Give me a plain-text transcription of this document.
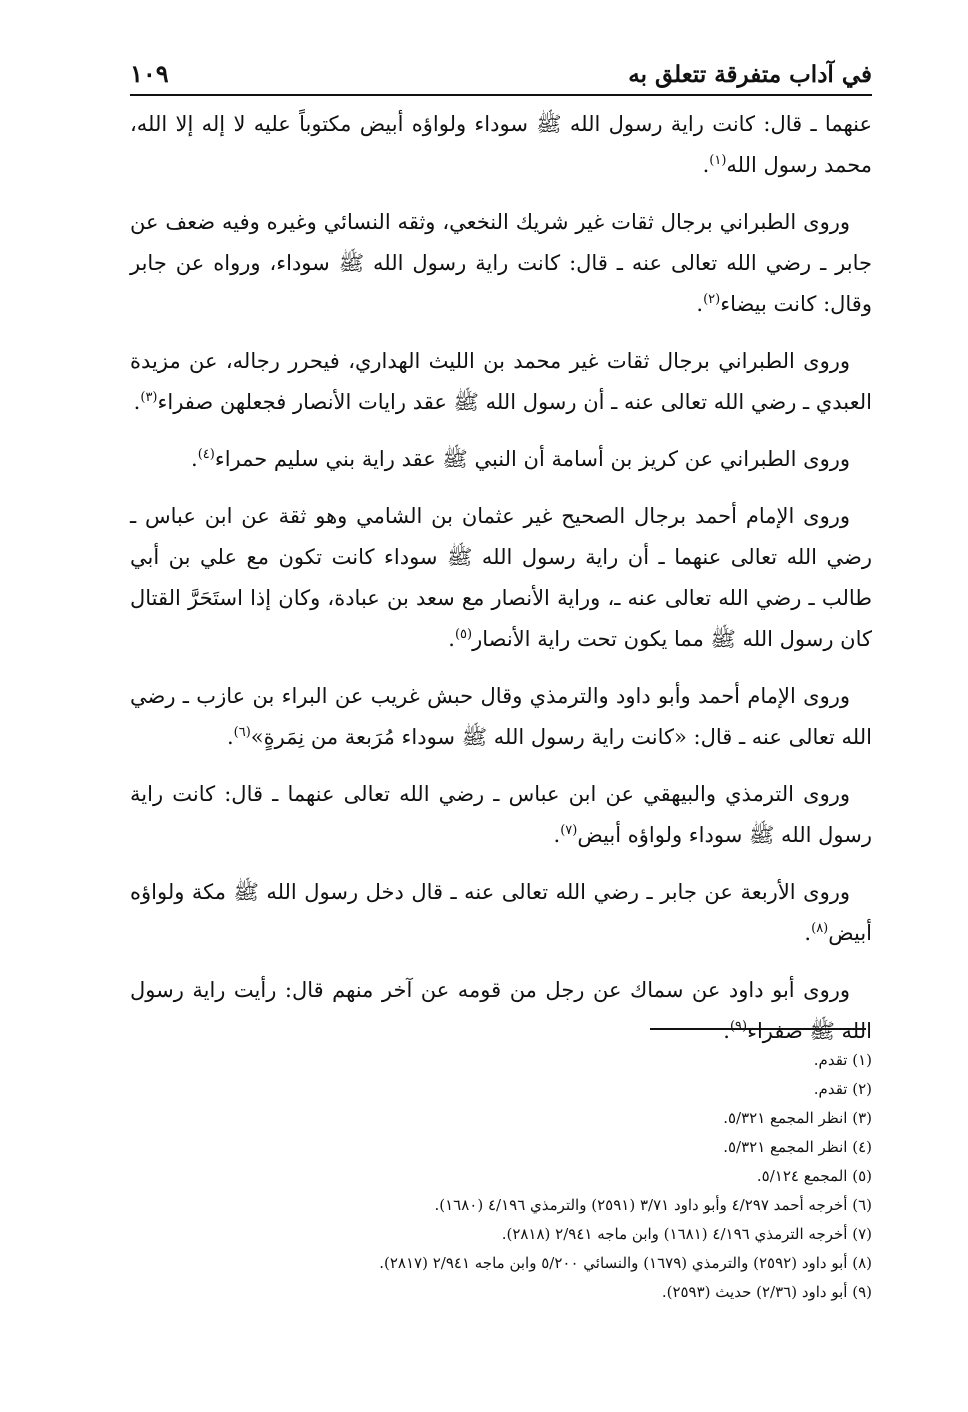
في آداب متفرقة تتعلق به
١٠٩

عنهما ـ قال: كانت راية رسول الله ﷺ سوداء ولواؤه أبيض مكتوباً عليه لا إله إلا الله، محمد رسول الله$^{(١)}$.

وروى الطبراني برجال ثقات غير شريك النخعي، وثقه النسائي وغيره وفيه ضعف عن جابر ـ رضي الله تعالى عنه ـ قال: كانت راية رسول الله ﷺ سوداء، ورواه عن جابر وقال: كانت بيضاء$^{(٢)}$.

وروى الطبراني برجال ثقات غير محمد بن الليث الهداري، فيحرر رجاله، عن مزيدة العبدي ـ رضي الله تعالى عنه ـ أن رسول الله ﷺ عقد رايات الأنصار فجعلهن صفراء$^{(٣)}$.

وروى الطبراني عن كريز بن أسامة أن النبي ﷺ عقد راية بني سليم حمراء$^{(٤)}$.

وروى الإمام أحمد برجال الصحيح غير عثمان بن الشامي وهو ثقة عن ابن عباس ـ رضي الله تعالى عنهما ـ أن راية رسول الله ﷺ سوداء كانت تكون مع علي بن أبي طالب ـ رضي الله تعالى عنه ـ، وراية الأنصار مع سعد بن عبادة، وكان إذا استَحَرَّ القتال كان رسول الله ﷺ مما يكون تحت راية الأنصار$^{(٥)}$.

وروى الإمام أحمد وأبو داود والترمذي وقال حبش غريب عن البراء بن عازب ـ رضي الله تعالى عنه ـ قال: «كانت راية رسول الله ﷺ سوداء مُرَبعة من نِمَرةٍ»$^{(٦)}$.

وروى الترمذي والبيهقي عن ابن عباس ـ رضي الله تعالى عنهما ـ قال: كانت راية رسول الله ﷺ سوداء ولواؤه أبيض$^{(٧)}$.

وروى الأربعة عن جابر ـ رضي الله تعالى عنه ـ قال دخل رسول الله ﷺ مكة ولواؤه أبيض$^{(٨)}$.

وروى أبو داود عن سماك عن رجل من قومه عن آخر منهم قال: رأيت راية رسول الله ﷺ صفراء$^{(٩)}$.

(١) تقدم.
(٢) تقدم.
(٣) انظر المجمع ٥/٣٢١.
(٤) انظر المجمع ٥/٣٢١.
(٥) المجمع ٥/١٢٤.
(٦) أخرجه أحمد ٤/٢٩٧ وأبو داود ٣/٧١ (٢٥٩١) والترمذي ٤/١٩٦ (١٦٨٠).
(٧) أخرجه الترمذي ٤/١٩٦ (١٦٨١) وابن ماجه ٢/٩٤١ (٢٨١٨).
(٨) أبو داود (٢٥٩٢) والترمذي (١٦٧٩) والنسائي ٥/٢٠٠ وابن ماجه ٢/٩٤١ (٢٨١٧).
(٩) أبو داود (٢/٣٦) حديث (٢٥٩٣).
